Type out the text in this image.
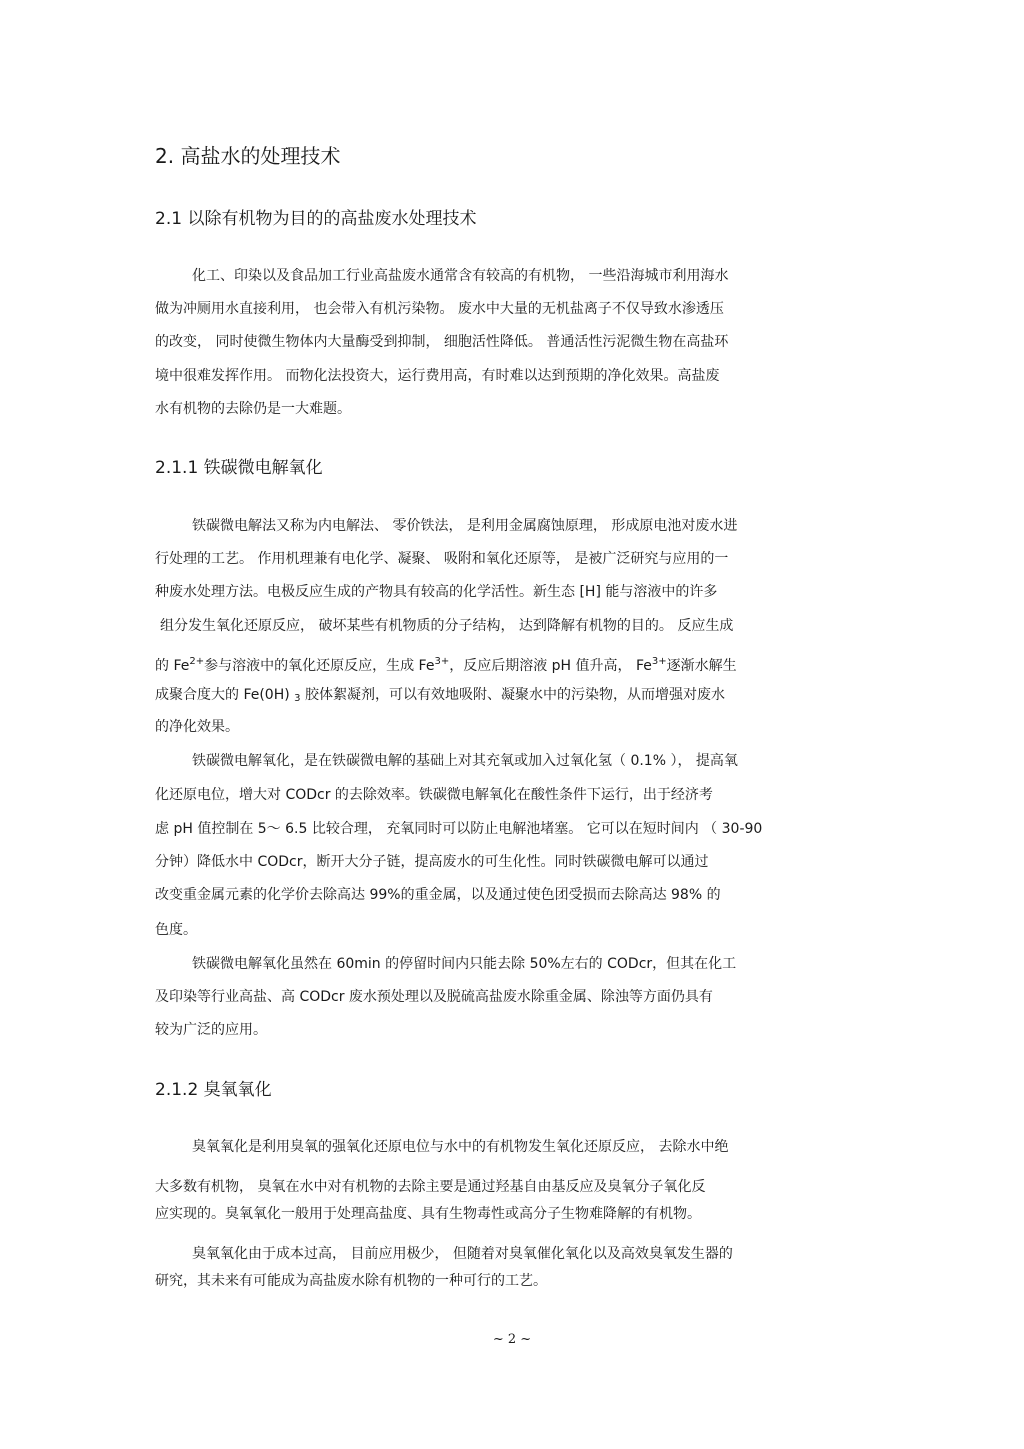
2. 高盐水的处理技术
2.1 以除有机物为目的的高盐废水处理技术
化工、印染以及食品加工行业高盐废水通常含有较高的有机物， 一些沿海城市利用海水
做为冲厕用水直接利用， 也会带入有机污染物。 废水中大量的无机盐离子不仅导致水渗透压
的改变， 同时使微生物体内大量酶受到抑制， 细胞活性降低。 普通活性污泥微生物在高盐环
境中很难发挥作用。 而物化法投资大，运行费用高，有时难以达到预期的净化效果。高盐废
水有机物的去除仍是一大难题。
2.1.1 铁碳微电解氧化
铁碳微电解法又称为内电解法、 零价铁法， 是利用金属腐蚀原理， 形成原电池对废水进
行处理的工艺。 作用机理兼有电化学、凝聚、 吸附和氧化还原等， 是被广泛研究与应用的一
种废水处理方法。电极反应生成的产物具有较高的化学活性。新生态 [H] 能与溶液中的许多
组分发生氧化还原反应， 破坏某些有机物质的分子结构， 达到降解有机物的目的。 反应生成
的 $Fe^{2+}$参与溶液中的氧化还原反应，生成 $Fe^{3+}$，反应后期溶液 pH 值升高， $Fe^{3+}$逐渐水解生
成聚合度大的 Fe(0H) $_3$ 胶体絮凝剂，可以有效地吸附、凝聚水中的污染物，从而增强对废水
的净化效果。
铁碳微电解氧化，是在铁碳微电解的基础上对其充氧或加入过氧化氢（ 0.1% ）， 提高氧
化还原电位，增大对 CODcr 的去除效率。铁碳微电解氧化在酸性条件下运行，出于经济考
虑 pH 值控制在 5～ 6.5 比较合理， 充氧同时可以防止电解池堵塞。 它可以在短时间内 （ 30-90
分钟）降低水中 CODcr，断开大分子链，提高废水的可生化性。同时铁碳微电解可以通过
改变重金属元素的化学价去除高达 99%的重金属，以及通过使色团受损而去除高达 98% 的
色度。
铁碳微电解氧化虽然在 60min 的停留时间内只能去除 50%左右的 CODcr，但其在化工
及印染等行业高盐、高 CODcr 废水预处理以及脱硫高盐废水除重金属、除浊等方面仍具有
较为广泛的应用。
2.1.2 臭氧氧化
臭氧氧化是利用臭氧的强氧化还原电位与水中的有机物发生氧化还原反应， 去除水中绝
大多数有机物， 臭氧在水中对有机物的去除主要是通过羟基自由基反应及臭氧分子氧化反
应实现的。臭氧氧化一般用于处理高盐度、具有生物毒性或高分子生物难降解的有机物。
臭氧氧化由于成本过高， 目前应用极少， 但随着对臭氧催化氧化以及高效臭氧发生器的
研究，其未来有可能成为高盐废水除有机物的一种可行的工艺。
~ 2 ~
